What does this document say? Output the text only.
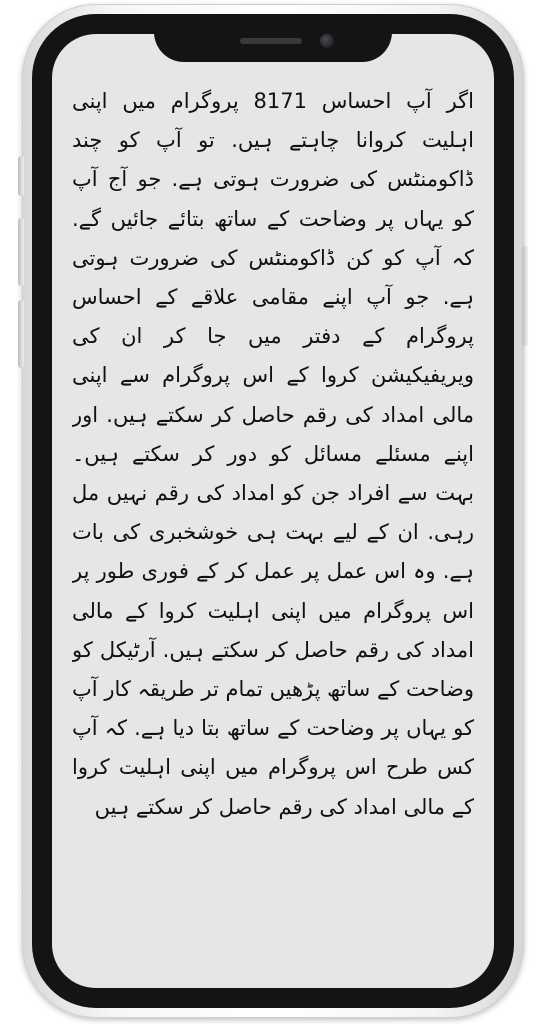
اگر آپ احساس 8171 پروگرام میں اپنی اہلیت کروانا چاہتے ہیں. تو آپ کو چند ڈاکومنٹس کی ضرورت ہوتی ہے. جو آج آپ کو یہاں پر وضاحت کے ساتھ بتائے جائیں گے. کہ آپ کو کن ڈاکومنٹس کی ضرورت ہوتی ہے. جو آپ اپنے مقامی علاقے کے احساس پروگرام کے دفتر میں جا کر ان کی ویریفیکیشن کروا کے اس پروگرام سے اپنی مالی امداد کی رقم حاصل کر سکتے ہیں. اور اپنے مسئلے مسائل کو دور کر سکتے ہیں۔ بہت سے افراد جن کو امداد کی رقم نہیں مل رہی. ان کے لیے بہت ہی خوشخبری کی بات ہے. وہ اس عمل پر عمل کر کے فوری طور پر اس پروگرام میں اپنی اہلیت کروا کے مالی امداد کی رقم حاصل کر سکتے ہیں. آرٹیکل کو وضاحت کے ساتھ پڑھیں تمام تر طریقہ کار آپ کو یہاں پر وضاحت کے ساتھ بتا دیا ہے. کہ آپ کس طرح اس پروگرام میں اپنی اہلیت کروا کے مالی امداد کی رقم حاصل کر سکتے ہیں
